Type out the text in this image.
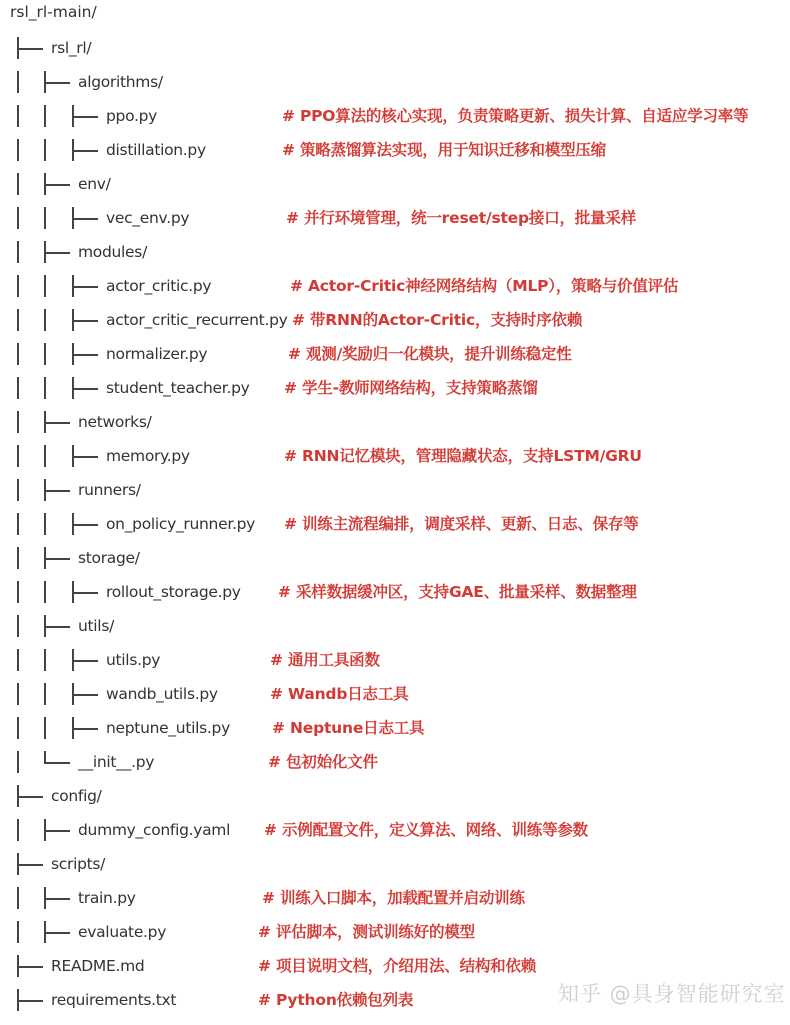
rsl_rl-main/
rsl_rl/
algorithms/
ppo.py	# PPO算法的核心实现，负责策略更新、损失计算、自适应学习率等
distillation.py	# 策略蒸馏算法实现，用于知识迁移和模型压缩
env/
vec_env.py	# 并行环境管理，统一reset/step接口，批量采样
modules/
actor_critic.py	# Actor-Critic神经网络结构（MLP），策略与价值评估
actor_critic_recurrent.py # 带RNN的Actor-Critic，支持时序依赖
normalizer.py	# 观测/奖励归一化模块，提升训练稳定性
student_teacher.py # 学生-教师网络结构，支持策略蒸馏
networks/
memory.py	# RNN记忆模块，管理隐藏状态，支持LSTM/GRU
runners/
on_policy_runner.py # 训练主流程编排，调度采样、更新、日志、保存等
storage/
rollout_storage.py # 采样数据缓冲区，支持GAE、批量采样、数据整理
utils/
utils.py	# 通用工具函数
wandb_utils.py	# Wandb日志工具
neptune_utils.py	# Neptune日志工具
__init__.py	# 包初始化文件
config/
dummy_config.yaml # 示例配置文件，定义算法、网络、训练等参数
scripts/
train.py	# 训练入口脚本，加载配置并启动训练
evaluate.py	# 评估脚本，测试训练好的模型
README.md	# 项目说明文档，介绍用法、结构和依赖
requirements.txt	# Python依赖包列表	知乎 @具身智能研究室
